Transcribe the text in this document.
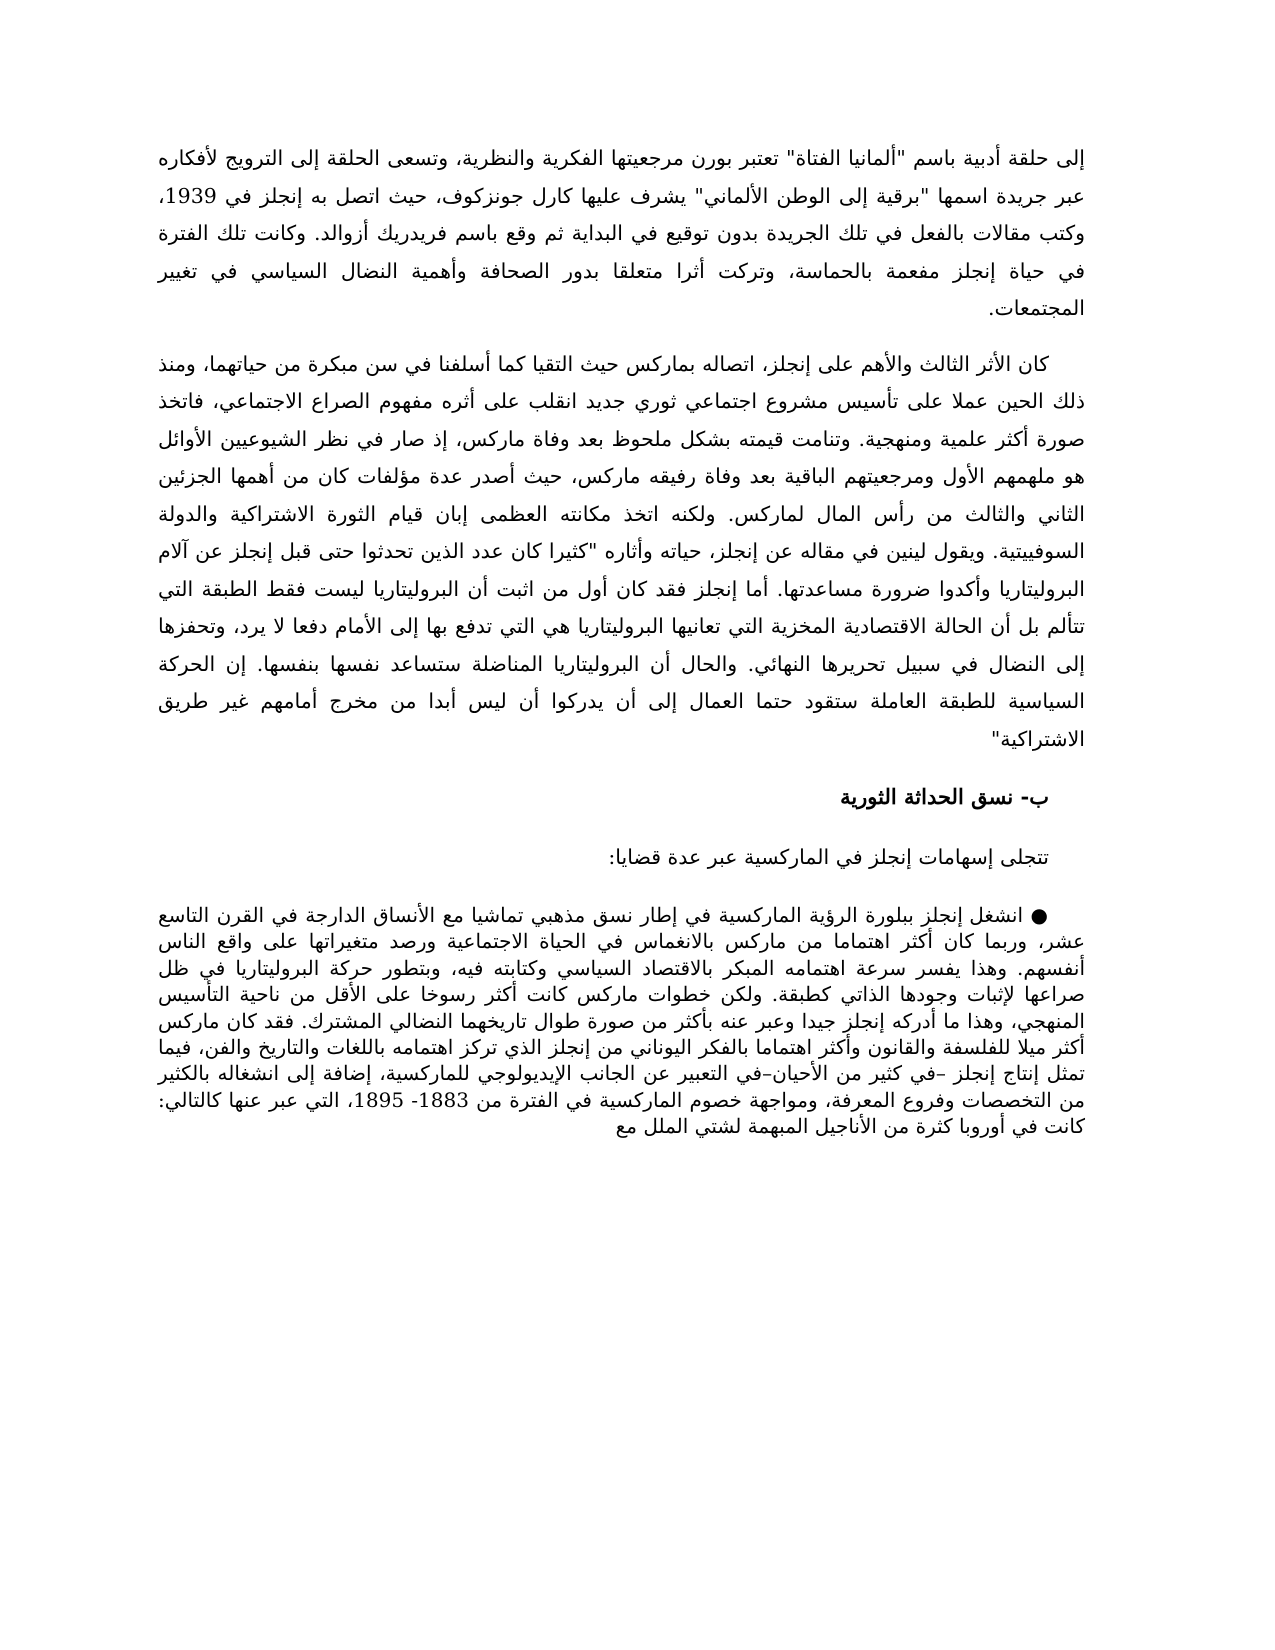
إلى حلقة أدبية باسم "ألمانيا الفتاة" تعتبر بورن مرجعيتها الفكرية والنظرية، وتسعى الحلقة إلى الترويج لأفكاره عبر جريدة اسمها "برقية إلى الوطن الألماني" يشرف عليها كارل جونزكوف، حيث اتصل به إنجلز في 1939، وكتب مقالات بالفعل في تلك الجريدة بدون توقيع في البداية ثم وقع باسم فريدريك أزوالد. وكانت تلك الفترة في حياة إنجلز مفعمة بالحماسة، وتركت أثرا متعلقا بدور الصحافة وأهمية النضال السياسي في تغيير المجتمعات.

كان الأثر الثالث والأهم على إنجلز، اتصاله بماركس حيث التقيا كما أسلفنا في سن مبكرة من حياتهما، ومنذ ذلك الحين عملا على تأسيس مشروع اجتماعي ثوري جديد انقلب على أثره مفهوم الصراع الاجتماعي، فاتخذ صورة أكثر علمية ومنهجية. وتنامت قيمته بشكل ملحوظ بعد وفاة ماركس، إذ صار في نظر الشيوعيين الأوائل هو ملهمهم الأول ومرجعيتهم الباقية بعد وفاة رفيقه ماركس، حيث أصدر عدة مؤلفات كان من أهمها الجزئين الثاني والثالث من رأس المال لماركس. ولكنه اتخذ مكانته العظمى إبان قيام الثورة الاشتراكية والدولة السوفييتية. ويقول لينين في مقاله عن إنجلز، حياته وأثاره "كثيرا كان عدد الذين تحدثوا حتى قبل إنجلز عن آلام البروليتاريا وأكدوا ضرورة مساعدتها. أما إنجلز فقد كان أول من اثبت أن البروليتاريا ليست فقط الطبقة التي تتألم بل أن الحالة الاقتصادية المخزية التي تعانيها البروليتاريا هي التي تدفع بها إلى الأمام دفعا لا يرد، وتحفزها إلى النضال في سبيل تحريرها النهائي. والحال أن البروليتاريا المناضلة ستساعد نفسها بنفسها. إن الحركة السياسية للطبقة العاملة ستقود حتما العمال إلى أن يدركوا أن ليس أبدا من مخرج أمامهم غير طريق الاشتراكية"

ب- نسق الحداثة الثورية

تتجلى إسهامات إنجلز في الماركسية عبر عدة قضايا:

● انشغل إنجلز ببلورة الرؤية الماركسية في إطار نسق مذهبي تماشيا مع الأنساق الدارجة في القرن التاسع عشر، وربما كان أكثر اهتماما من ماركس بالانغماس في الحياة الاجتماعية ورصد متغيراتها على واقع الناس أنفسهم. وهذا يفسر سرعة اهتمامه المبكر بالاقتصاد السياسي وكتابته فيه، وبتطور حركة البروليتاريا في ظل صراعها لإثبات وجودها الذاتي كطبقة. ولكن خطوات ماركس كانت أكثر رسوخا على الأقل من ناحية التأسيس المنهجي، وهذا ما أدركه إنجلز جيدا وعبر عنه بأكثر من صورة طوال تاريخهما النضالي المشترك. فقد كان ماركس أكثر ميلا للفلسفة والقانون وأكثر اهتماما بالفكر اليوناني من إنجلز الذي تركز اهتمامه باللغات والتاريخ والفن، فيما تمثل إنتاج إنجلز –في كثير من الأحيان–في التعبير عن الجانب الإيديولوجي للماركسية، إضافة إلى انشغاله بالكثير من التخصصات وفروع المعرفة، ومواجهة خصوم الماركسية في الفترة من 1883- 1895، التي عبر عنها كالتالي: كانت في أوروبا كثرة من الأناجيل المبهمة لشتي الملل مع
